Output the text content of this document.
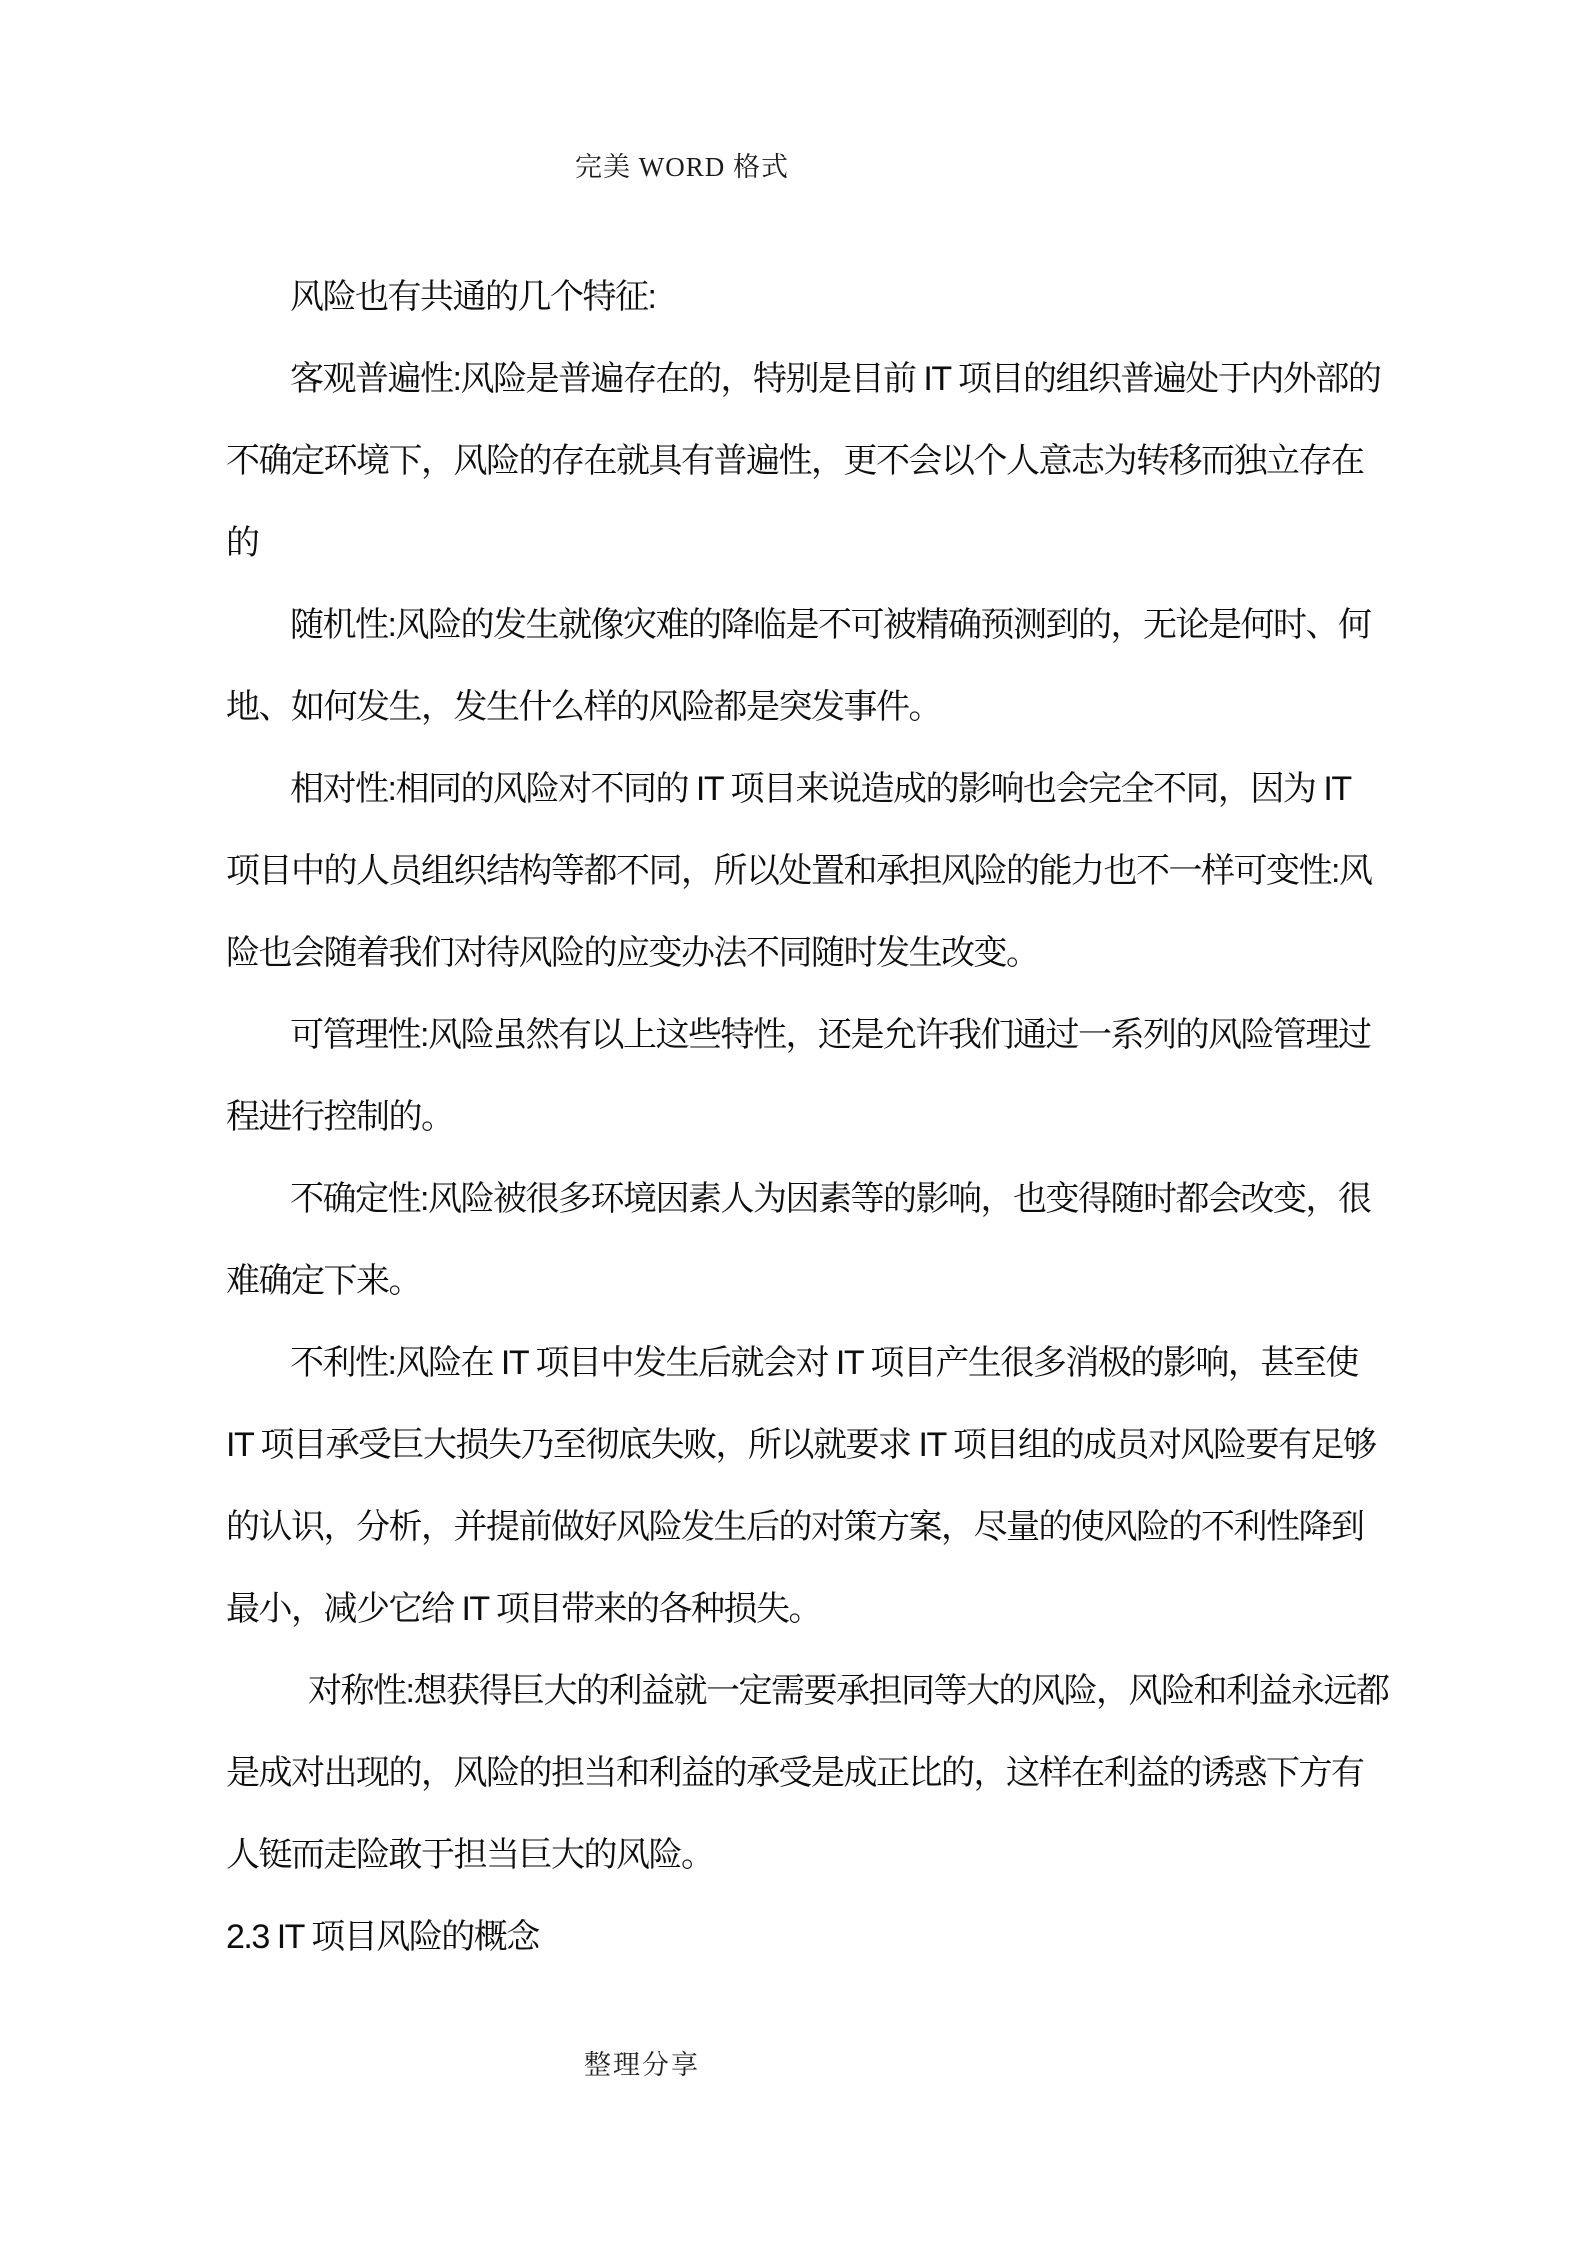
完美 WORD 格式
风险也有共通的几个特征:
客观普遍性:风险是普遍存在的，特别是目前 IT 项目的组织普遍处于内外部的
不确定环境下，风险的存在就具有普遍性，更不会以个人意志为转移而独立存在
的
随机性:风险的发生就像灾难的降临是不可被精确预测到的，无论是何时、何
地、如何发生，发生什么样的风险都是突发事件。
相对性:相同的风险对不同的 IT 项目来说造成的影响也会完全不同，因为 IT
项目中的人员组织结构等都不同，所以处置和承担风险的能力也不一样可变性:风
险也会随着我们对待风险的应变办法不同随时发生改变。
可管理性:风险虽然有以上这些特性，还是允许我们通过一系列的风险管理过
程进行控制的。
不确定性:风险被很多环境因素人为因素等的影响，也变得随时都会改变，很
难确定下来。
不利性:风险在 IT 项目中发生后就会对 IT 项目产生很多消极的影响，甚至使
IT 项目承受巨大损失乃至彻底失败，所以就要求 IT 项目组的成员对风险要有足够
的认识，分析，并提前做好风险发生后的对策方案，尽量的使风险的不利性降到
最小，减少它给 IT 项目带来的各种损失。
对称性:想获得巨大的利益就一定需要承担同等大的风险，风险和利益永远都
是成对出现的，风险的担当和利益的承受是成正比的，这样在利益的诱惑下方有
人铤而走险敢于担当巨大的风险。
2.3 IT 项目风险的概念
整理分享
